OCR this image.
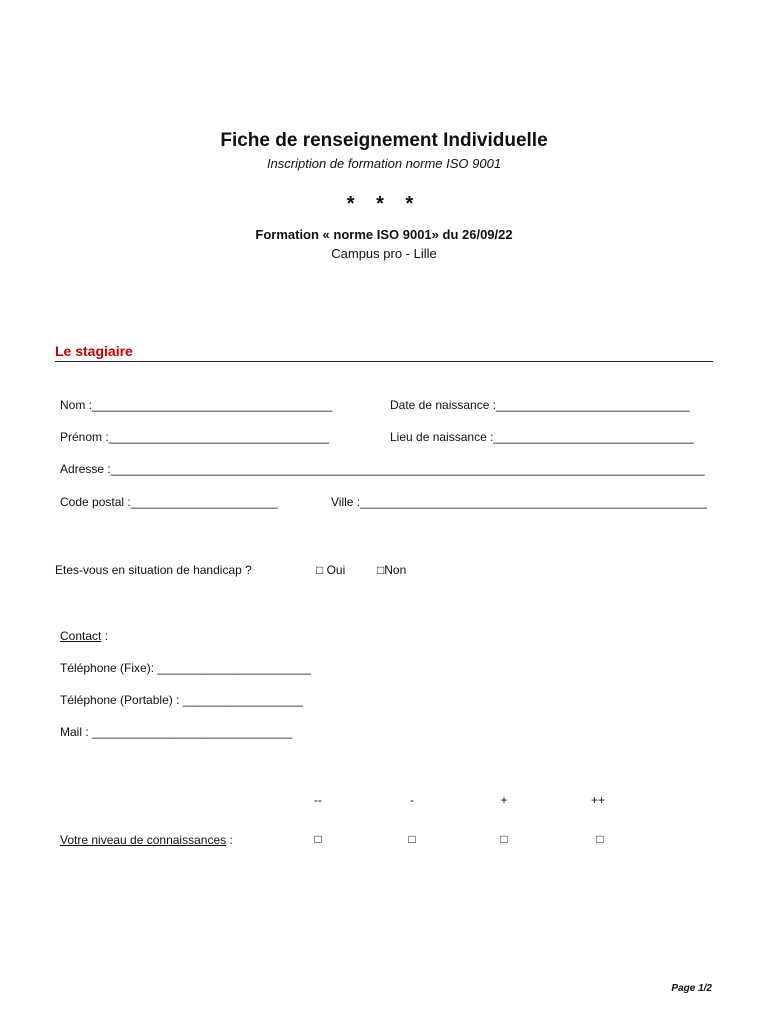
Fiche de renseignement Individuelle
Inscription de formation norme ISO 9001
* * *
Formation « norme ISO 9001» du 26/09/22
Campus pro - Lille
Le stagiaire
Nom :____________________________________	Date de naissance :_____________________________
Prénom :_________________________________	Lieu de naissance :______________________________
Adresse :_________________________________________________________________________________________
Code postal :______________________	Ville :____________________________________________________
Etes-vous en situation de handicap ?	□ Oui	□Non
Contact :
Téléphone (Fixe): _______________________
Téléphone (Portable) : __________________
Mail : ______________________________
--	-	+	++
Votre niveau de connaissances :	□	□	□	□
Page 1/2
